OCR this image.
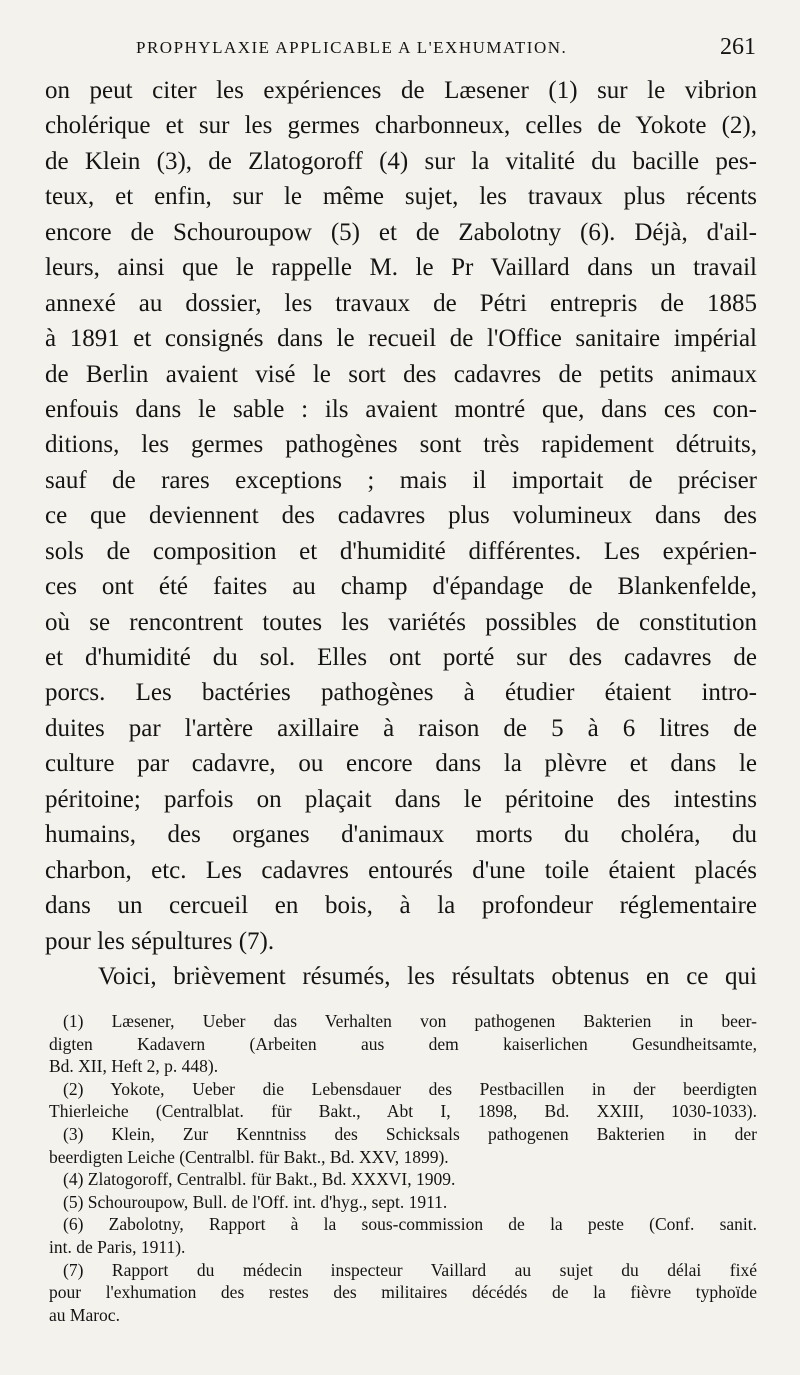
PROPHYLAXIE APPLICABLE A L'EXHUMATION.	261
on peut citer les expériences de Læsener (1) sur le vibrion
cholérique et sur les germes charbonneux, celles de Yokote (2),
de Klein (3), de Zlatogoroff (4) sur la vitalité du bacille pes-
teux, et enfin, sur le même sujet, les travaux plus récents
encore de Schouroupow (5) et de Zabolotny (6). Déjà, d'ail-
leurs, ainsi que le rappelle M. le Pr Vaillard dans un travail
annexé au dossier, les travaux de Pétri entrepris de 1885
à 1891 et consignés dans le recueil de l'Office sanitaire impérial
de Berlin avaient visé le sort des cadavres de petits animaux
enfouis dans le sable : ils avaient montré que, dans ces con-
ditions, les germes pathogènes sont très rapidement détruits,
sauf de rares exceptions ; mais il importait de préciser
ce que deviennent des cadavres plus volumineux dans des
sols de composition et d'humidité différentes. Les expérien-
ces ont été faites au champ d'épandage de Blankenfelde,
où se rencontrent toutes les variétés possibles de constitution
et d'humidité du sol. Elles ont porté sur des cadavres de
porcs. Les bactéries pathogènes à étudier étaient intro-
duites par l'artère axillaire à raison de 5 à 6 litres de
culture par cadavre, ou encore dans la plèvre et dans le
péritoine; parfois on plaçait dans le péritoine des intestins
humains, des organes d'animaux morts du choléra, du
charbon, etc. Les cadavres entourés d'une toile étaient placés
dans un cercueil en bois, à la profondeur réglementaire
pour les sépultures (7).
Voici, brièvement résumés, les résultats obtenus en ce qui
(1) Læsener, Ueber das Verhalten von pathogenen Bakterien in beer-
digten Kadavern (Arbeiten aus dem kaiserlichen Gesundheitsamte,
Bd. XII, Heft 2, p. 448).
(2) Yokote, Ueber die Lebensdauer des Pestbacillen in der beerdigten
Thierleiche (Centralblat. für Bakt., Abt I, 1898, Bd. XXIII, 1030-1033).
(3) Klein, Zur Kenntniss des Schicksals pathogenen Bakterien in der
beerdigten Leiche (Centralbl. für Bakt., Bd. XXV, 1899).
(4) Zlatogoroff, Centralbl. für Bakt., Bd. XXXVI, 1909.
(5) Schouroupow, Bull. de l'Off. int. d'hyg., sept. 1911.
(6) Zabolotny, Rapport à la sous-commission de la peste (Conf. sanit.
int. de Paris, 1911).
(7) Rapport du médecin inspecteur Vaillard au sujet du délai fixé
pour l'exhumation des restes des militaires décédés de la fièvre typhoïde
au Maroc.
